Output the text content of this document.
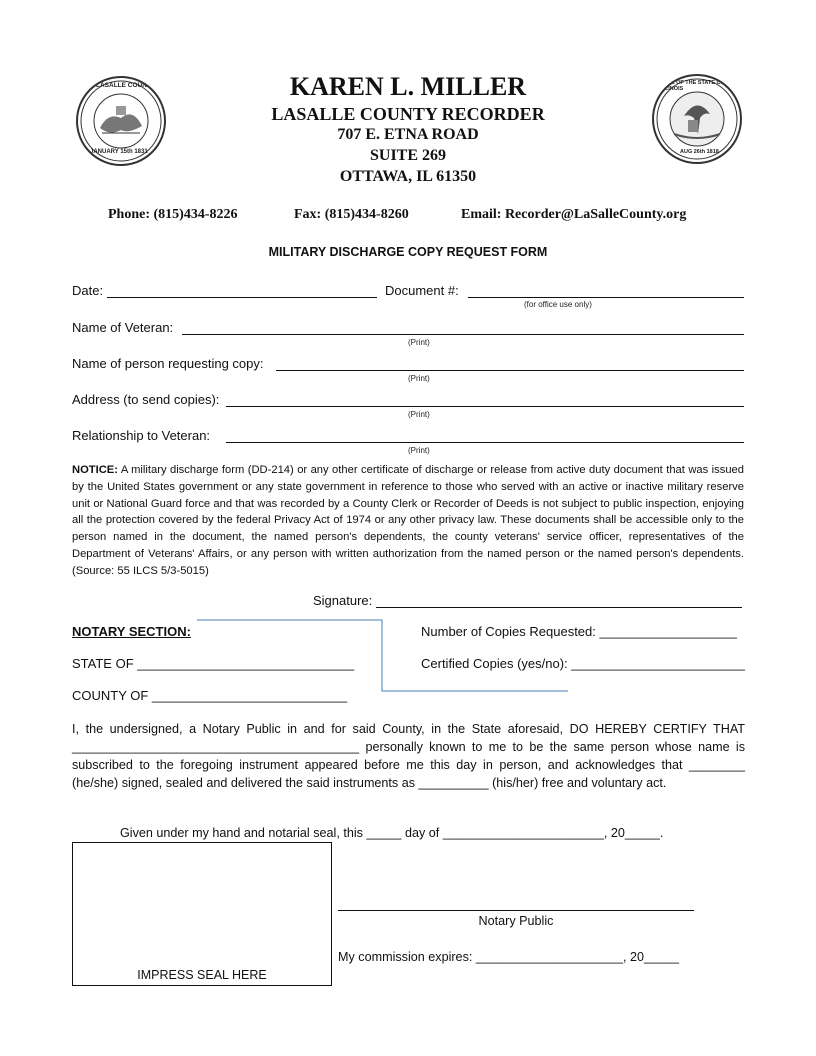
LASALLE COUNTY
JANUARY 15th 1831
SEAL OF THE STATE OF ILLINOIS
AUG 26th 1818
KAREN L. MILLER
LASALLE COUNTY RECORDER
707 E. ETNA ROAD
SUITE 269
OTTAWA, IL 61350
Phone: (815)434-8226	Fax: (815)434-8260	Email: Recorder@LaSalleCounty.org
MILITARY DISCHARGE COPY REQUEST FORM
Date:	Document #:
(for office use only)
Name of Veteran:
(Print)
Name of person requesting copy:
(Print)
Address (to send copies):
(Print)
Relationship to Veteran:
(Print)
NOTICE: A military discharge form (DD-214) or any other certificate of discharge or release from active duty document that was issued by the United States government or any state government in reference to those who served with an active or inactive military reserve unit or National Guard force and that was recorded by a County Clerk or Recorder of Deeds is not subject to public inspection, enjoying all the protection covered by the federal Privacy Act of 1974 or any other privacy law. These documents shall be accessible only to the person named in the document, the named person's dependents, the county veterans' service officer, representatives of the Department of Veterans' Affairs, or any person with written authorization from the named person or the named person's dependents. (Source: 55 ILCS 5/3-5015)
Signature:
NOTARY SECTION:	Number of Copies Requested: ___________________
STATE OF ______________________________	Certified Copies (yes/no): ________________________
COUNTY OF ___________________________
I, the undersigned, a Notary Public in and for said County, in the State aforesaid, DO HEREBY CERTIFY THAT _________________________________________ personally known to me to be the same person whose name is subscribed to the foregoing instrument appeared before me this day in person, and acknowledges that ________ (he/she) signed, sealed and delivered the said instruments as __________ (his/her) free and voluntary act.
Given under my hand and notarial seal, this _____ day of _______________________, 20_____.
IMPRESS SEAL HERE
Notary Public
My commission expires: _____________________, 20_____
